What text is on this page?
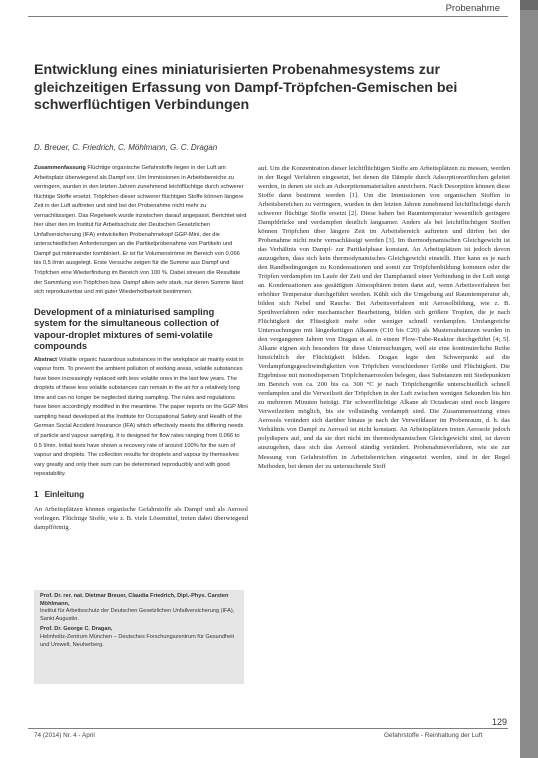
Probenahme
Entwicklung eines miniaturisierten Probenahmesystems zur gleichzeitigen Erfassung von Dampf-Tröpfchen-Gemischen bei schwerflüchtigen Verbindungen
D. Breuer, C. Friedrich, C. Möhlmann, G. C. Dragan

Zusammenfassung Flüchtige organische Gefahrstoffe liegen in der Luft am Arbeitsplatz überwiegend als Dampf vor. Um Immissionen in Arbeitsbereiche zu verringern, wurden in den letzten Jahren zunehmend leichtflüchtige durch schwerer flüchtige Stoffe ersetzt. Tröpfchen dieser schwerer flüchtigen Stoffe können längere Zeit in der Luft auftreten und sind bei der Probenahme nicht mehr zu vernachlässigen. Das Regelwerk wurde inzwischen darauf angepasst. Berichtet wird hier über den im Institut für Arbeitsschutz der Deutschen Gesetzlichen Unfallversicherung (IFA) entwickelten Probenahmekopf GGP-Mini, der die unterschiedlichen Anforderungen an die Partikelprobenahme von Partikeln und Dampf gut miteinander kombiniert. Er ist für Volumenströme im Bereich von 0,066 bis 0,5 l/min ausgelegt. Erste Versuche zeigen für die Summe aus Dampf und Tröpfchen eine Wiederfindung im Bereich von 100 %. Dabei streuen die Resultate der Sammlung von Tröpfchen bzw. Dampf allein sehr stark, nur deren Summe lässt sich reproduzierbar und mit guter Wiederholbarkeit bestimmen.

Development of a miniaturised sampling system for the simultaneous collection of vapour-droplet mixtures of semi-volatile compounds

Abstract Volatile organic hazardous substances in the workplace air mainly exist in vapour form. To prevent the ambient pollution of working areas, volatile substances have been increasingly replaced with less volatile ones in the last few years. The droplets of these less volatile substances can remain in the air for a relatively long time and can no longer be neglected during sampling. The rules and regulations have been accordingly modified in the meantime. The paper reports on the GGP Mini sampling head developed at the Institute for Occupational Safety and Health of the German Social Accident Insurance (IFA) which effectively meets the differing needs of particle and vapour sampling. It is designed for flow rates ranging from 0.066 to 0.5 l/min. Initial tests have shown a recovery rate of around 100% for the sum of vapour and droplets. The collection results for droplets and vapour by themselves vary greatly and only their sum can be determined reproducibly and with good repeatability.

1 Einleitung

An Arbeitsplätzen können organische Gefahrstoffe als Dampf und als Aerosol vorliegen. Flüchtige Stoffe, wie z. B. viele Lösemittel, treten dabei überwiegend dampfförmig

Prof. Dr. rer. nat. Dietmar Breuer, Claudia Friedrich, Dipl.-Phys. Carsten Möhlmann,
Institut für Arbeitsschutz der Deutschen Gesetzlichen Unfallversicherung (IFA), Sankt Augustin.

Prof. Dr. George C. Dragan,
Helmholtz-Zentrum München – Deutsches Forschungszentrum für Gesundheit und Umwelt, Neuherberg.

auf. Um die Konzentration dieser leichtflüchtigen Stoffe am Arbeitsplätzen zu messen, werden in der Regel Verfahren eingesetzt, bei denen die Dämpfe durch Adsorptionsröhrchen geleitet werden, in denen sie sich an Adsorptionsmaterialien anreichern. Nach Desorption können diese Stoffe dann bestimmt werden [1]. Um die Immissionen von organischen Stoffen in Arbeitsbereichen zu verringern, wurden in den letzten Jahren zunehmend leichtflüchtige durch schwerer flüchtige Stoffe ersetzt [2]. Diese haben bei Raumtemperatur wesentlich geringere Dampfdrücke und verdampfen deutlich langsamer. Anders als bei leichtflüchtigen Stoffen können Tröpfchen über längere Zeit im Arbeitsbereich auftreten und dürfen bei der Probenahme nicht mehr vernachlässigt werden [3]. Im thermodynamischen Gleichgewicht ist das Verhältnis von Dampf- zur Partikelphase konstant. An Arbeitsplätzen ist jedoch davon auszugehen, dass sich kein thermodynamisches Gleichgewicht einstellt. Hier kann es je nach den Randbedingungen zu Kondensationen und somit zur Tröpfchenbildung kommen oder die Tröpfen verdampfen im Laufe der Zeit und der Dampfanteil einer Verbindung in der Luft steigt an. Kondensationen aus gesättigten Atmosphären treten dann auf, wenn Arbeitsverfahren bei erhöhter Temperatur durchgeführt werden. Kühlt sich die Umgebung auf Raumtemperatur ab, bilden sich Nebel und Rauche. Bei Arbeitsverfahren mit Aerosolbildung, wie z. B. Sprühverfahren oder mechanischer Bearbeitung, bilden sich größere Tropfen, die je nach Flüchtigkeit der Flüssigkeit mehr oder weniger schnell verdampfen. Umfangreiche Untersuchungen mit längerkettigen Alkanen (C10 bis C20) als Mustersubstanzen wurden in den vergangenen Jahren von Dragan et al. in einem Flow-Tube-Reaktor durchgeführt [4; 5]. Alkane eignen sich besonders für diese Untersuchungen, weil sie eine kontinuierliche Reihe hinsichtlich der Flüchtigkeit bilden. Dragan legte den Schwerpunkt auf die Verdampfungsgeschwindigkeiten von Tröpfchen verschiedener Größe und Flüchtigkeit. Die Ergebnisse mit monodispersen Tröpfchenaerosolen belegen, dass Substanzen mit Siedepunkten im Bereich von ca. 200 bis ca. 300 °C je nach Tröpfchengröße unterschiedlich schnell verdampfen und die Verweilzeit der Tröpfchen in der Luft zwischen wenigen Sekunden bis hin zu mehreren Minuten beträgt. Für schwerflüchtige Alkane ab Octadecan sind noch längere Verweilzeiten möglich, bis sie vollständig verdampft sind. Die Zusammensetzung eines Aerosols verändert sich darüber hinaus je nach der Verweildauer im Probenraum, d. h. das Verhältnis von Dampf zu Aerosol ist nicht konstant. An Arbeitsplätzen treten Aerosole jedoch polydispers auf, und da sie dort nicht im thermodynamischen Gleichgewicht sind, ist davon auszugehen, dass sich das Aerosol ständig verändert. Probenahmeverfahren, wie sie zur Messung von Gefahrstoffen in Arbeitsbereichen eingesetzt werden, sind in der Regel Methoden, bei denen der zu untersuchende Stoff

129
74 (2014) Nr. 4 - April	Gefahrstoffe - Reinhaltung der Luft
